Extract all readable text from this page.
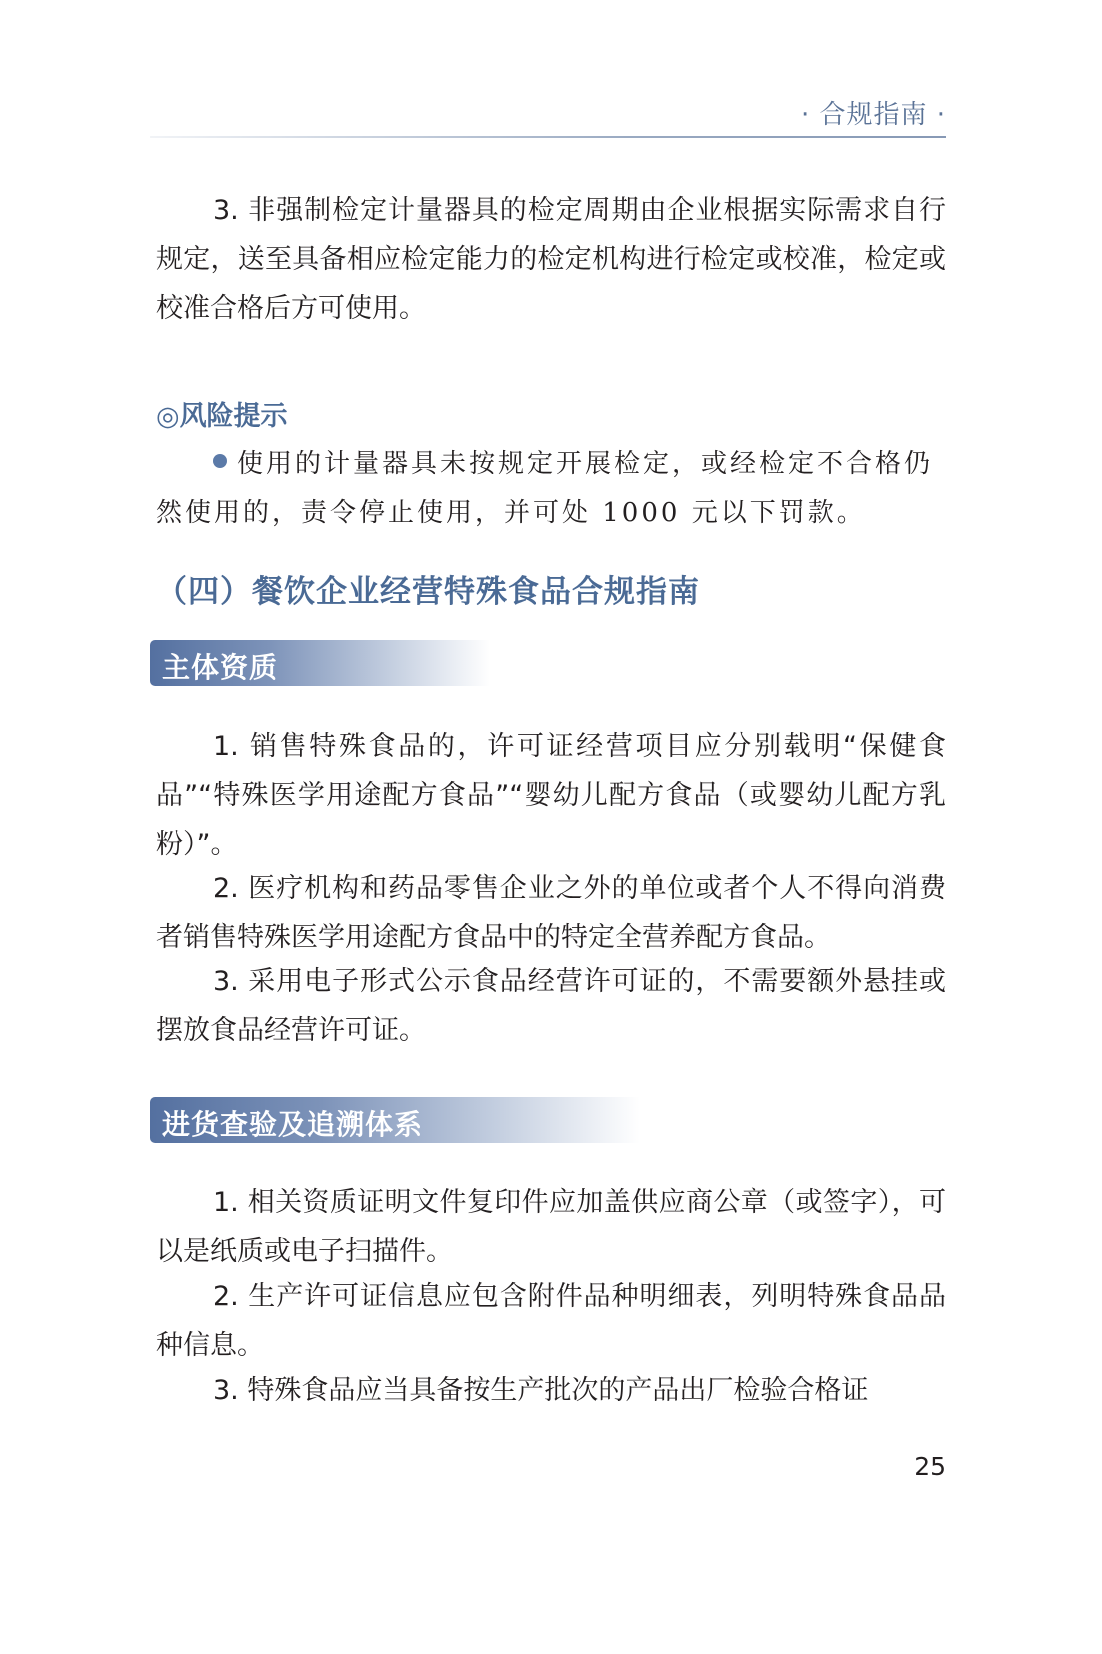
· 合规指南 ·

3. 非强制检定计量器具的检定周期由企业根据实际需求自行规定，送至具备相应检定能力的检定机构进行检定或校准，检定或校准合格后方可使用。

◎风险提示

使用的计量器具未按规定开展检定，或经检定不合格仍然使用的，责令停止使用，并可处 1000 元以下罚款。

（四）餐饮企业经营特殊食品合规指南
主体资质

1. 销售特殊食品的，许可证经营项目应分别载明“保健食品”“特殊医学用途配方食品”“婴幼儿配方食品（或婴幼儿配方乳粉）”。

2. 医疗机构和药品零售企业之外的单位或者个人不得向消费者销售特殊医学用途配方食品中的特定全营养配方食品。

3. 采用电子形式公示食品经营许可证的，不需要额外悬挂或摆放食品经营许可证。

进货查验及追溯体系

1. 相关资质证明文件复印件应加盖供应商公章（或签字），可以是纸质或电子扫描件。

2. 生产许可证信息应包含附件品种明细表，列明特殊食品品种信息。

3. 特殊食品应当具备按生产批次的产品出厂检验合格证

25
